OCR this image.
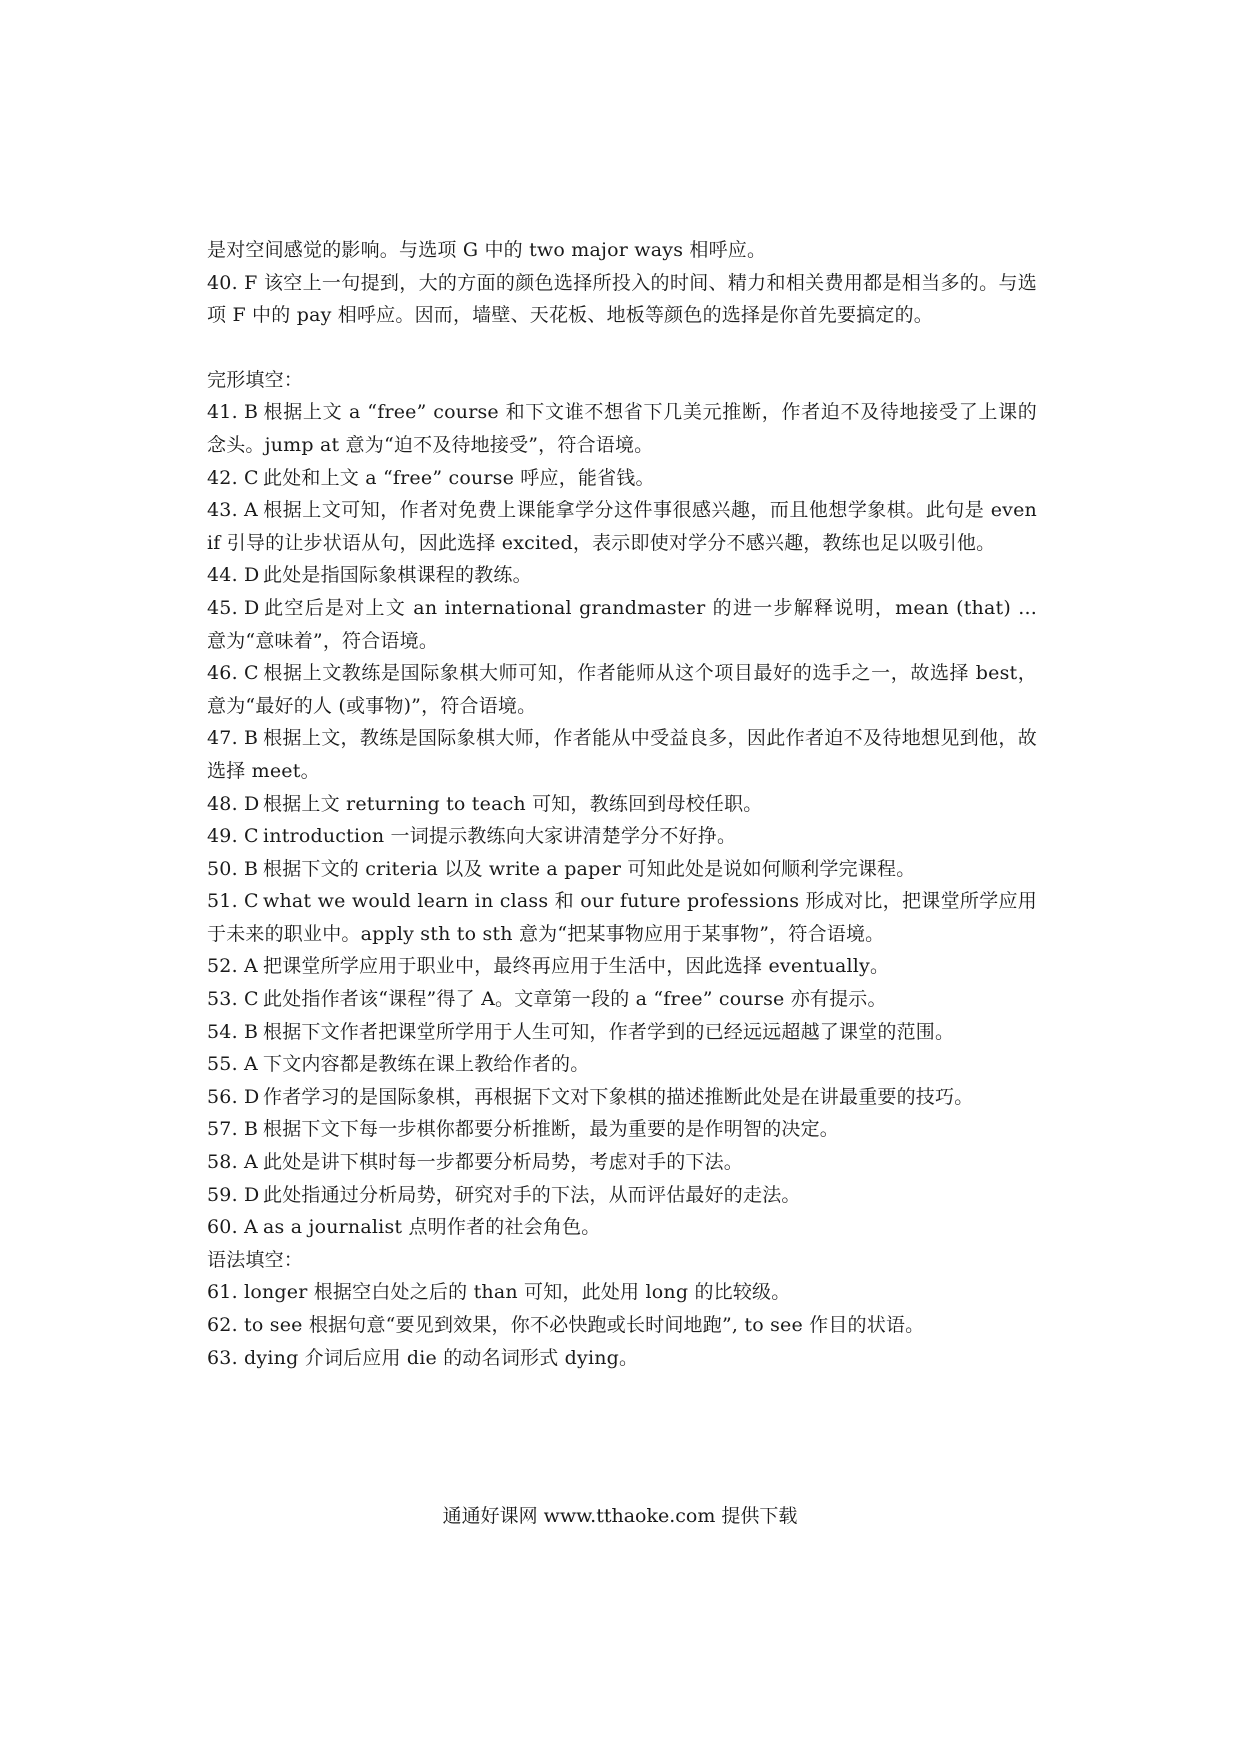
是对空间感觉的影响。与选项 G 中的 two major ways 相呼应。

40. F 该空上一句提到，大的方面的颜色选择所投入的时间、精力和相关费用都是相当多的。与选项 F 中的 pay 相呼应。因而，墙壁、天花板、地板等颜色的选择是你首先要搞定的。

完形填空：

41. B 根据上文 a “free” course 和下文谁不想省下几美元推断，作者迫不及待地接受了上课的念头。jump at 意为“迫不及待地接受”，符合语境。

42. C 此处和上文 a “free” course 呼应，能省钱。

43. A 根据上文可知，作者对免费上课能拿学分这件事很感兴趣，而且他想学象棋。此句是 even if 引导的让步状语从句，因此选择 excited，表示即使对学分不感兴趣，教练也足以吸引他。

44. D 此处是指国际象棋课程的教练。

45. D 此空后是对上文 an international grandmaster 的进一步解释说明，mean (that) ... 意为“意味着”，符合语境。

46. C 根据上文教练是国际象棋大师可知，作者能师从这个项目最好的选手之一，故选择 best，意为“最好的人 (或事物)”，符合语境。

47. B 根据上文，教练是国际象棋大师，作者能从中受益良多，因此作者迫不及待地想见到他，故选择 meet。

48. D 根据上文 returning to teach 可知，教练回到母校任职。

49. C introduction 一词提示教练向大家讲清楚学分不好挣。

50. B 根据下文的 criteria 以及 write a paper 可知此处是说如何顺利学完课程。

51. C what we would learn in class 和 our future professions 形成对比，把课堂所学应用于未来的职业中。apply sth to sth 意为“把某事物应用于某事物”，符合语境。

52. A 把课堂所学应用于职业中，最终再应用于生活中，因此选择 eventually。

53. C 此处指作者该“课程”得了 A。文章第一段的 a “free” course 亦有提示。

54. B 根据下文作者把课堂所学用于人生可知，作者学到的已经远远超越了课堂的范围。

55. A 下文内容都是教练在课上教给作者的。

56. D 作者学习的是国际象棋，再根据下文对下象棋的描述推断此处是在讲最重要的技巧。

57. B 根据下文下每一步棋你都要分析推断，最为重要的是作明智的决定。

58. A 此处是讲下棋时每一步都要分析局势，考虑对手的下法。

59. D 此处指通过分析局势，研究对手的下法，从而评估最好的走法。

60. A as a journalist 点明作者的社会角色。

语法填空：

61. longer 根据空白处之后的 than 可知，此处用 long 的比较级。

62. to see 根据句意“要见到效果，你不必快跑或长时间地跑”, to see 作目的状语。

63. dying 介词后应用 die 的动名词形式 dying。

通通好课网 www.tthaoke.com 提供下载
